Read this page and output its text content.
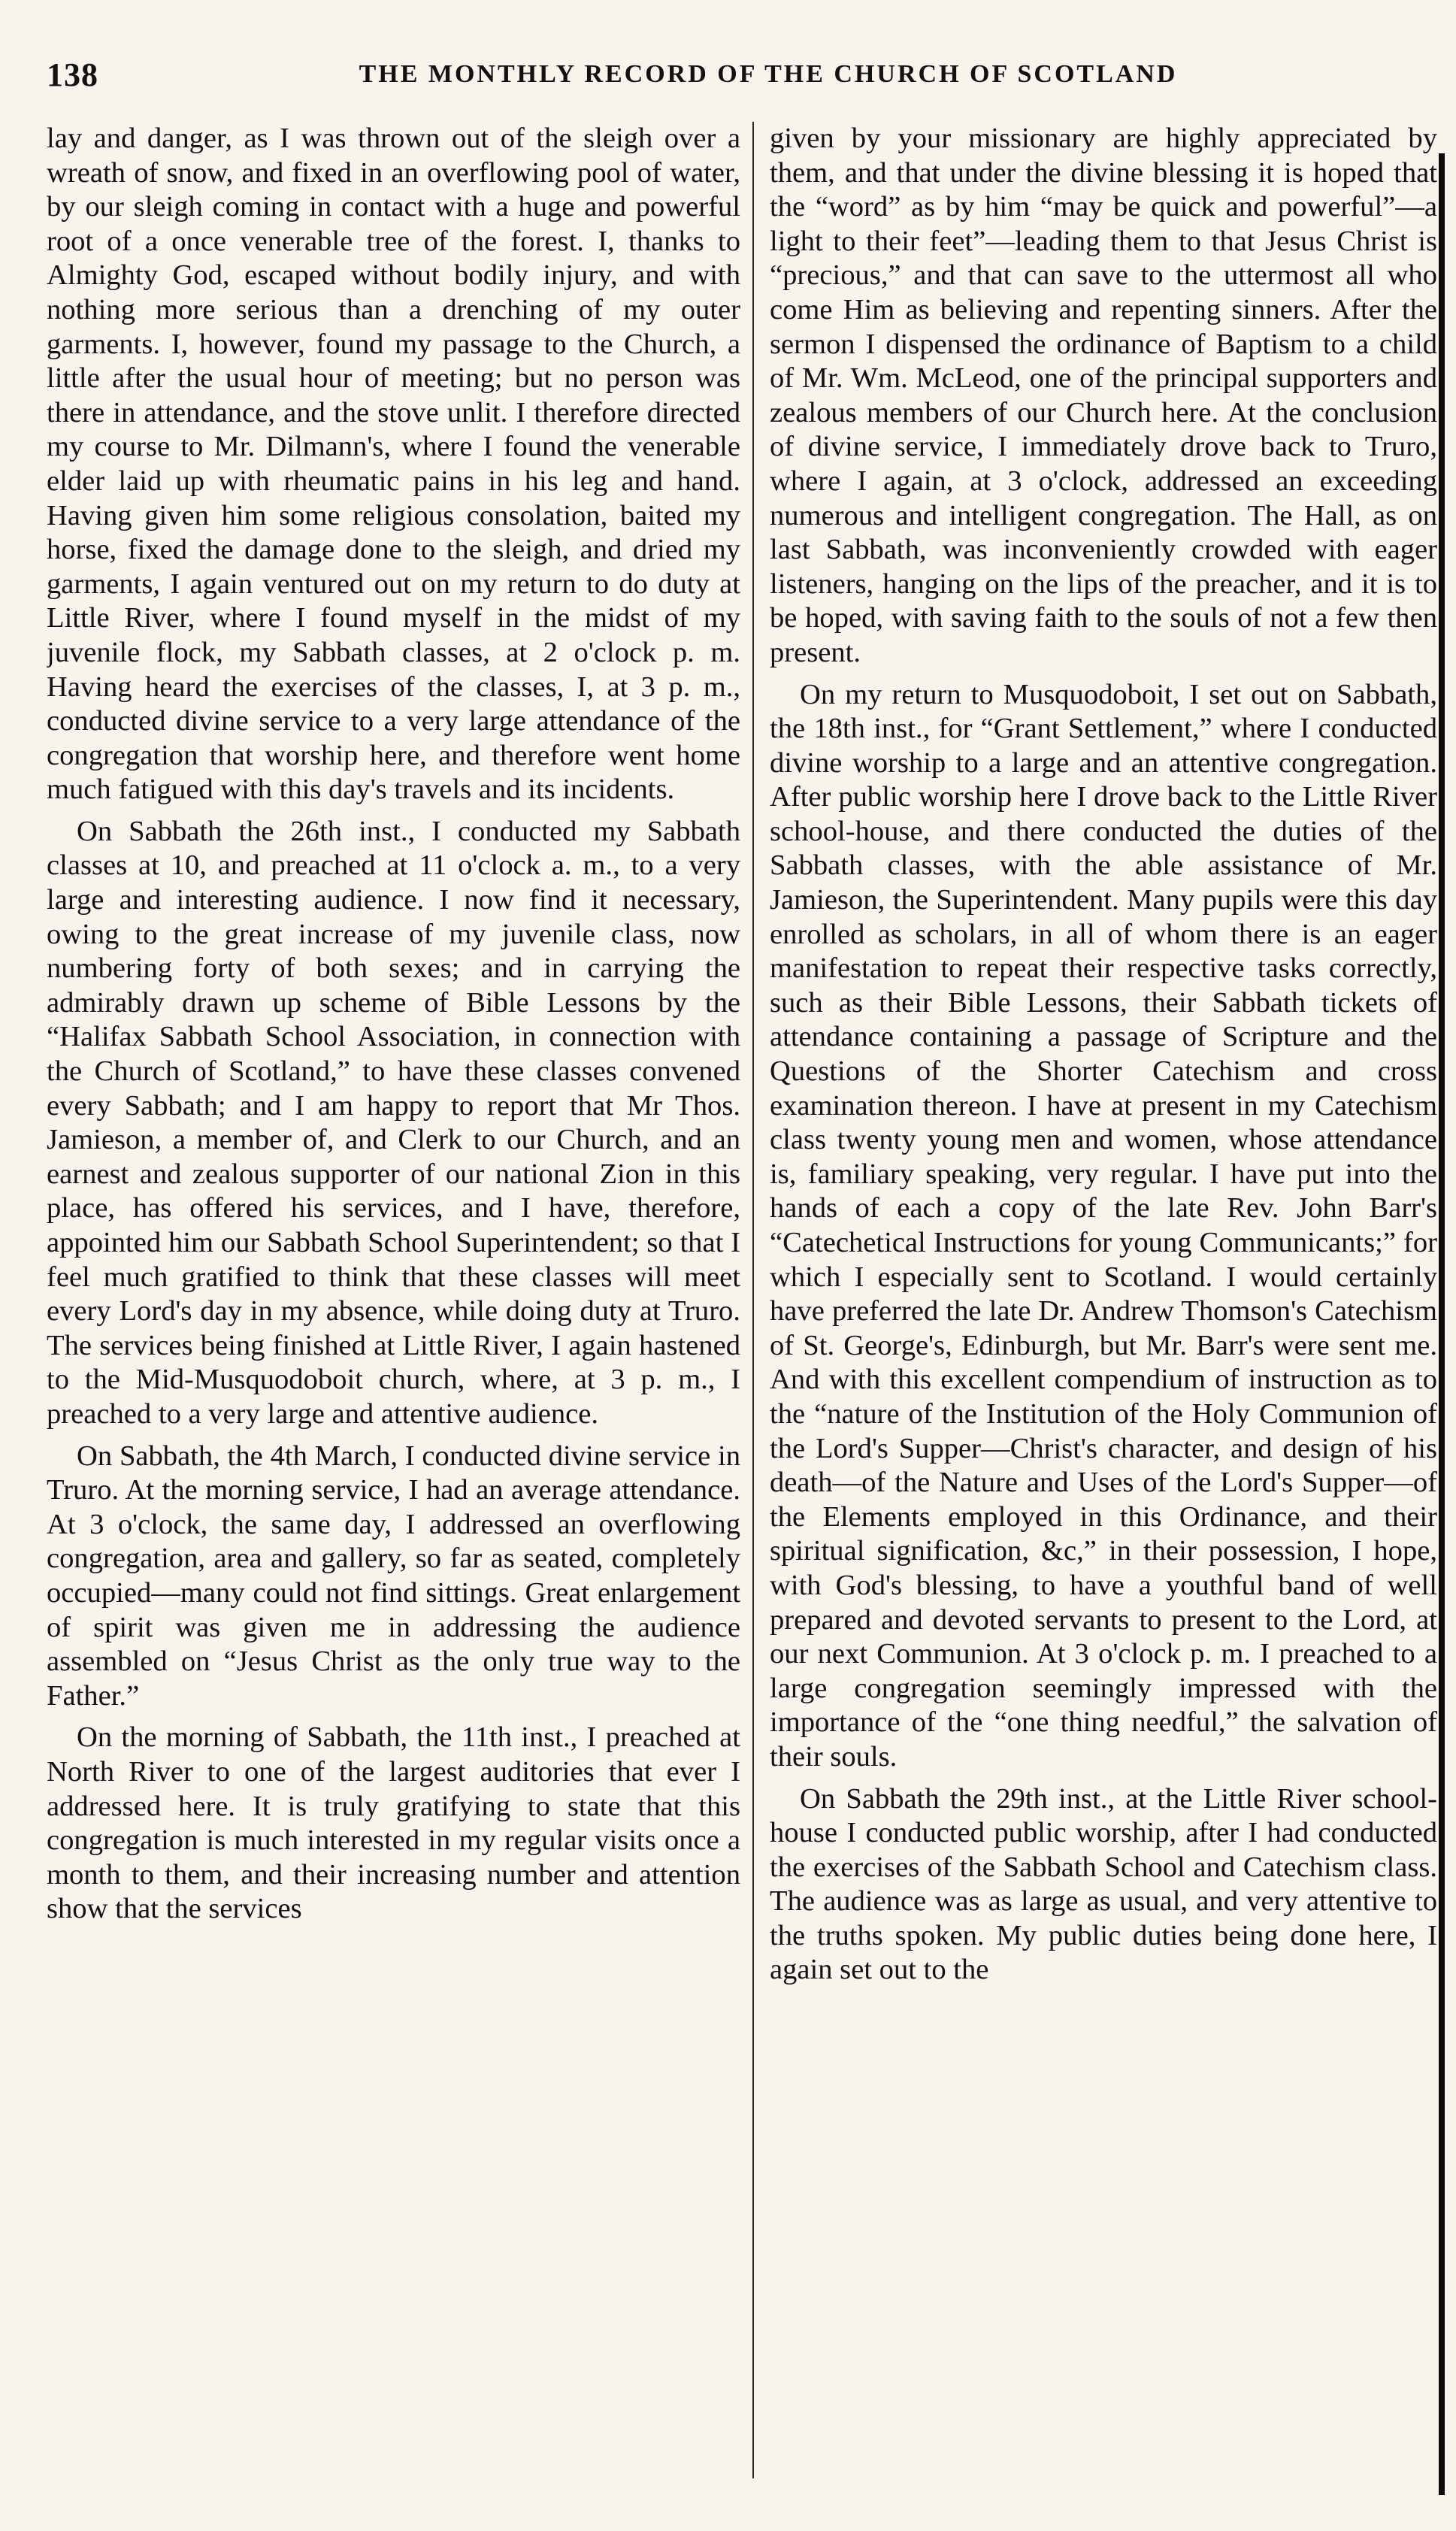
138	THE MONTHLY RECORD OF THE CHURCH OF SCOTLAND

lay and danger, as I was thrown out of the sleigh over a wreath of snow, and fixed in an overflowing pool of water, by our sleigh coming in contact with a huge and powerful root of a once venerable tree of the forest. I, thanks to Almighty God, escaped without bodily injury, and with nothing more serious than a drenching of my outer garments. I, however, found my passage to the Church, a little after the usual hour of meeting; but no person was there in attendance, and the stove unlit. I therefore directed my course to Mr. Dilmann's, where I found the venerable elder laid up with rheumatic pains in his leg and hand. Having given him some religious consolation, baited my horse, fixed the damage done to the sleigh, and dried my garments, I again ventured out on my return to do duty at Little River, where I found myself in the midst of my juvenile flock, my Sabbath classes, at 2 o'clock p. m. Having heard the exercises of the classes, I, at 3 p. m., conducted divine service to a very large attendance of the congregation that worship here, and therefore went home much fatigued with this day's travels and its incidents.

On Sabbath the 26th inst., I conducted my Sabbath classes at 10, and preached at 11 o'clock a. m., to a very large and interesting audience. I now find it necessary, owing to the great increase of my juvenile class, now numbering forty of both sexes; and in carrying the admirably drawn up scheme of Bible Lessons by the “Halifax Sabbath School Association, in connection with the Church of Scotland,” to have these classes convened every Sabbath; and I am happy to report that Mr Thos. Jamieson, a member of, and Clerk to our Church, and an earnest and zealous supporter of our national Zion in this place, has offered his services, and I have, therefore, appointed him our Sabbath School Superintendent; so that I feel much gratified to think that these classes will meet every Lord's day in my absence, while doing duty at Truro. The services being finished at Little River, I again hastened to the Mid-Musquodoboit church, where, at 3 p. m., I preached to a very large and attentive audience.

On Sabbath, the 4th March, I conducted divine service in Truro. At the morning service, I had an average attendance. At 3 o'clock, the same day, I addressed an overflowing congregation, area and gallery, so far as seated, completely occupied—many could not find sittings. Great enlargement of spirit was given me in addressing the audience assembled on “Jesus Christ as the only true way to the Father.”

On the morning of Sabbath, the 11th inst., I preached at North River to one of the largest auditories that ever I addressed here. It is truly gratifying to state that this congregation is much interested in my regular visits once a month to them, and their increasing number and attention show that the services

given by your missionary are highly appreciated by them, and that under the divine blessing it is hoped that the “word” as by him “may be quick and powerful”—a light to their feet”—leading them to that Jesus Christ is “precious,” and that can save to the uttermost all who come Him as believing and repenting sinners. After the sermon I dispensed the ordinance of Baptism to a child of Mr. Wm. McLeod, one of the principal supporters and zealous members of our Church here. At the conclusion of divine service, I immediately drove back to Truro, where I again, at 3 o'clock, addressed an exceeding numerous and intelligent congregation. The Hall, as on last Sabbath, was inconveniently crowded with eager listeners, hanging on the lips of the preacher, and it is to be hoped, with saving faith to the souls of not a few then present.

On my return to Musquodoboit, I set out on Sabbath, the 18th inst., for “Grant Settlement,” where I conducted divine worship to a large and an attentive congregation. After public worship here I drove back to the Little River school-house, and there conducted the duties of the Sabbath classes, with the able assistance of Mr. Jamieson, the Superintendent. Many pupils were this day enrolled as scholars, in all of whom there is an eager manifestation to repeat their respective tasks correctly, such as their Bible Lessons, their Sabbath tickets of attendance containing a passage of Scripture and the Questions of the Shorter Catechism and cross examination thereon. I have at present in my Catechism class twenty young men and women, whose attendance is, familiary speaking, very regular. I have put into the hands of each a copy of the late Rev. John Barr's “Catechetical Instructions for young Communicants;” for which I especially sent to Scotland. I would certainly have preferred the late Dr. Andrew Thomson's Catechism of St. George's, Edinburgh, but Mr. Barr's were sent me. And with this excellent compendium of instruction as to the “nature of the Institution of the Holy Communion of the Lord's Supper—Christ's character, and design of his death—of the Nature and Uses of the Lord's Supper—of the Elements employed in this Ordinance, and their spiritual signification, &c,” in their possession, I hope, with God's blessing, to have a youthful band of well prepared and devoted servants to present to the Lord, at our next Communion. At 3 o'clock p. m. I preached to a large congregation seemingly impressed with the importance of the “one thing needful,” the salvation of their souls.

On Sabbath the 29th inst., at the Little River school-house I conducted public worship, after I had conducted the exercises of the Sabbath School and Catechism class. The audience was as large as usual, and very attentive to the truths spoken. My public duties being done here, I again set out to the
